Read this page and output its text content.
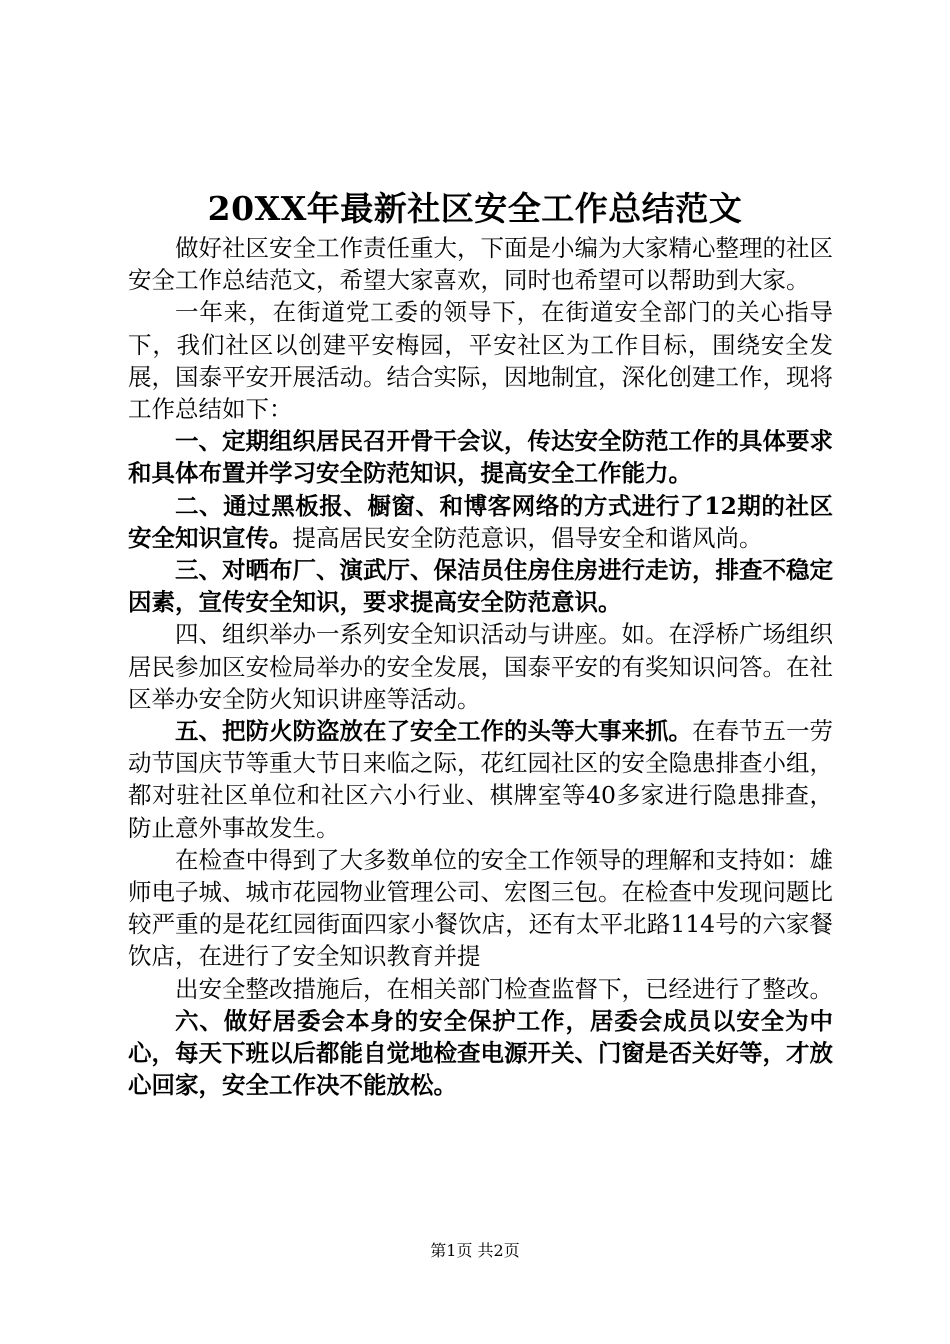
20XX年最新社区安全工作总结范文

做好社区安全工作责任重大，下面是小编为大家精心整理的社区安全工作总结范文，希望大家喜欢，同时也希望可以帮助到大家。

一年来，在街道党工委的领导下，在街道安全部门的关心指导下，我们社区以创建平安梅园，平安社区为工作目标，围绕安全发展，国泰平安开展活动。结合实际，因地制宜，深化创建工作，现将工作总结如下：

一、定期组织居民召开骨干会议，传达安全防范工作的具体要求和具体布置并学习安全防范知识，提高安全工作能力。

二、通过黑板报、橱窗、和博客网络的方式进行了12期的社区安全知识宣传。提高居民安全防范意识，倡导安全和谐风尚。

三、对晒布厂、演武厅、保洁员住房住房进行走访，排查不稳定因素，宣传安全知识，要求提高安全防范意识。

四、组织举办一系列安全知识活动与讲座。如。在浮桥广场组织居民参加区安检局举办的安全发展，国泰平安的有奖知识问答。在社区举办安全防火知识讲座等活动。

五、把防火防盗放在了安全工作的头等大事来抓。在春节五一劳动节国庆节等重大节日来临之际，花红园社区的安全隐患排查小组，都对驻社区单位和社区六小行业、棋牌室等40多家进行隐患排查，防止意外事故发生。

在检查中得到了大多数单位的安全工作领导的理解和支持如：雄师电子城、城市花园物业管理公司、宏图三包。在检查中发现问题比较严重的是花红园街面四家小餐饮店，还有太平北路114号的六家餐饮店，在进行了安全知识教育并提

出安全整改措施后，在相关部门检查监督下，已经进行了整改。

六、做好居委会本身的安全保护工作，居委会成员以安全为中心，每天下班以后都能自觉地检查电源开关、门窗是否关好等，才放心回家，安全工作决不能放松。

第1页 共2页
